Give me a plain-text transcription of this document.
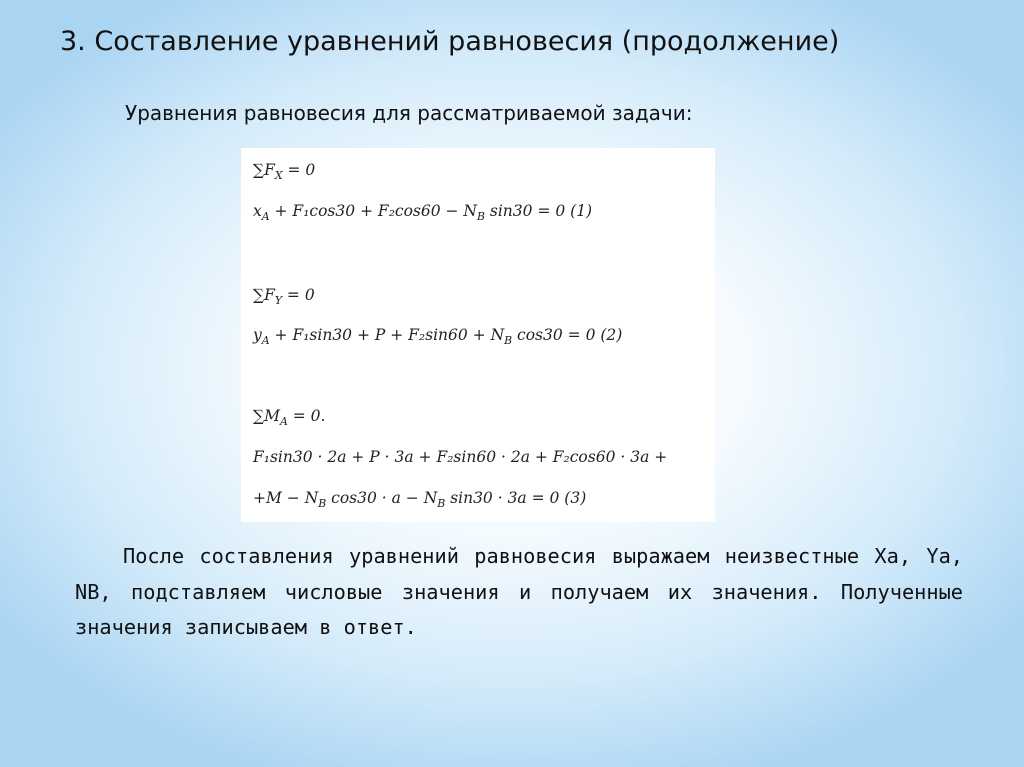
3. Составление уравнений равновесия (продолжение)
Уравнения равновесия для рассматриваемой задачи:
$\sum F_X = 0$
$x_A + F_1\cos 30 + F_2\cos 60 - N_B$ sin30 = 0 (1)
$\sum F_Y = 0$
$y_A + F_1\sin 30 + P + F_2\sin 60 + N_B$ cos30 = 0 (2)
$\sum M_A = 0$.
F₁sin30 · 2a + P · 3a + F₂sin60 · 2a + F₂cos60 · 3a +
$+M - N_B$ $\cos 30 \cdot a - N_B$ sin30 · 3a = 0 (3)

После составления уравнений равновесия выражаем неизвестные Xa, Ya, NB, подставляем числовые значения и получаем их значения. Полученные значения записываем в ответ.
